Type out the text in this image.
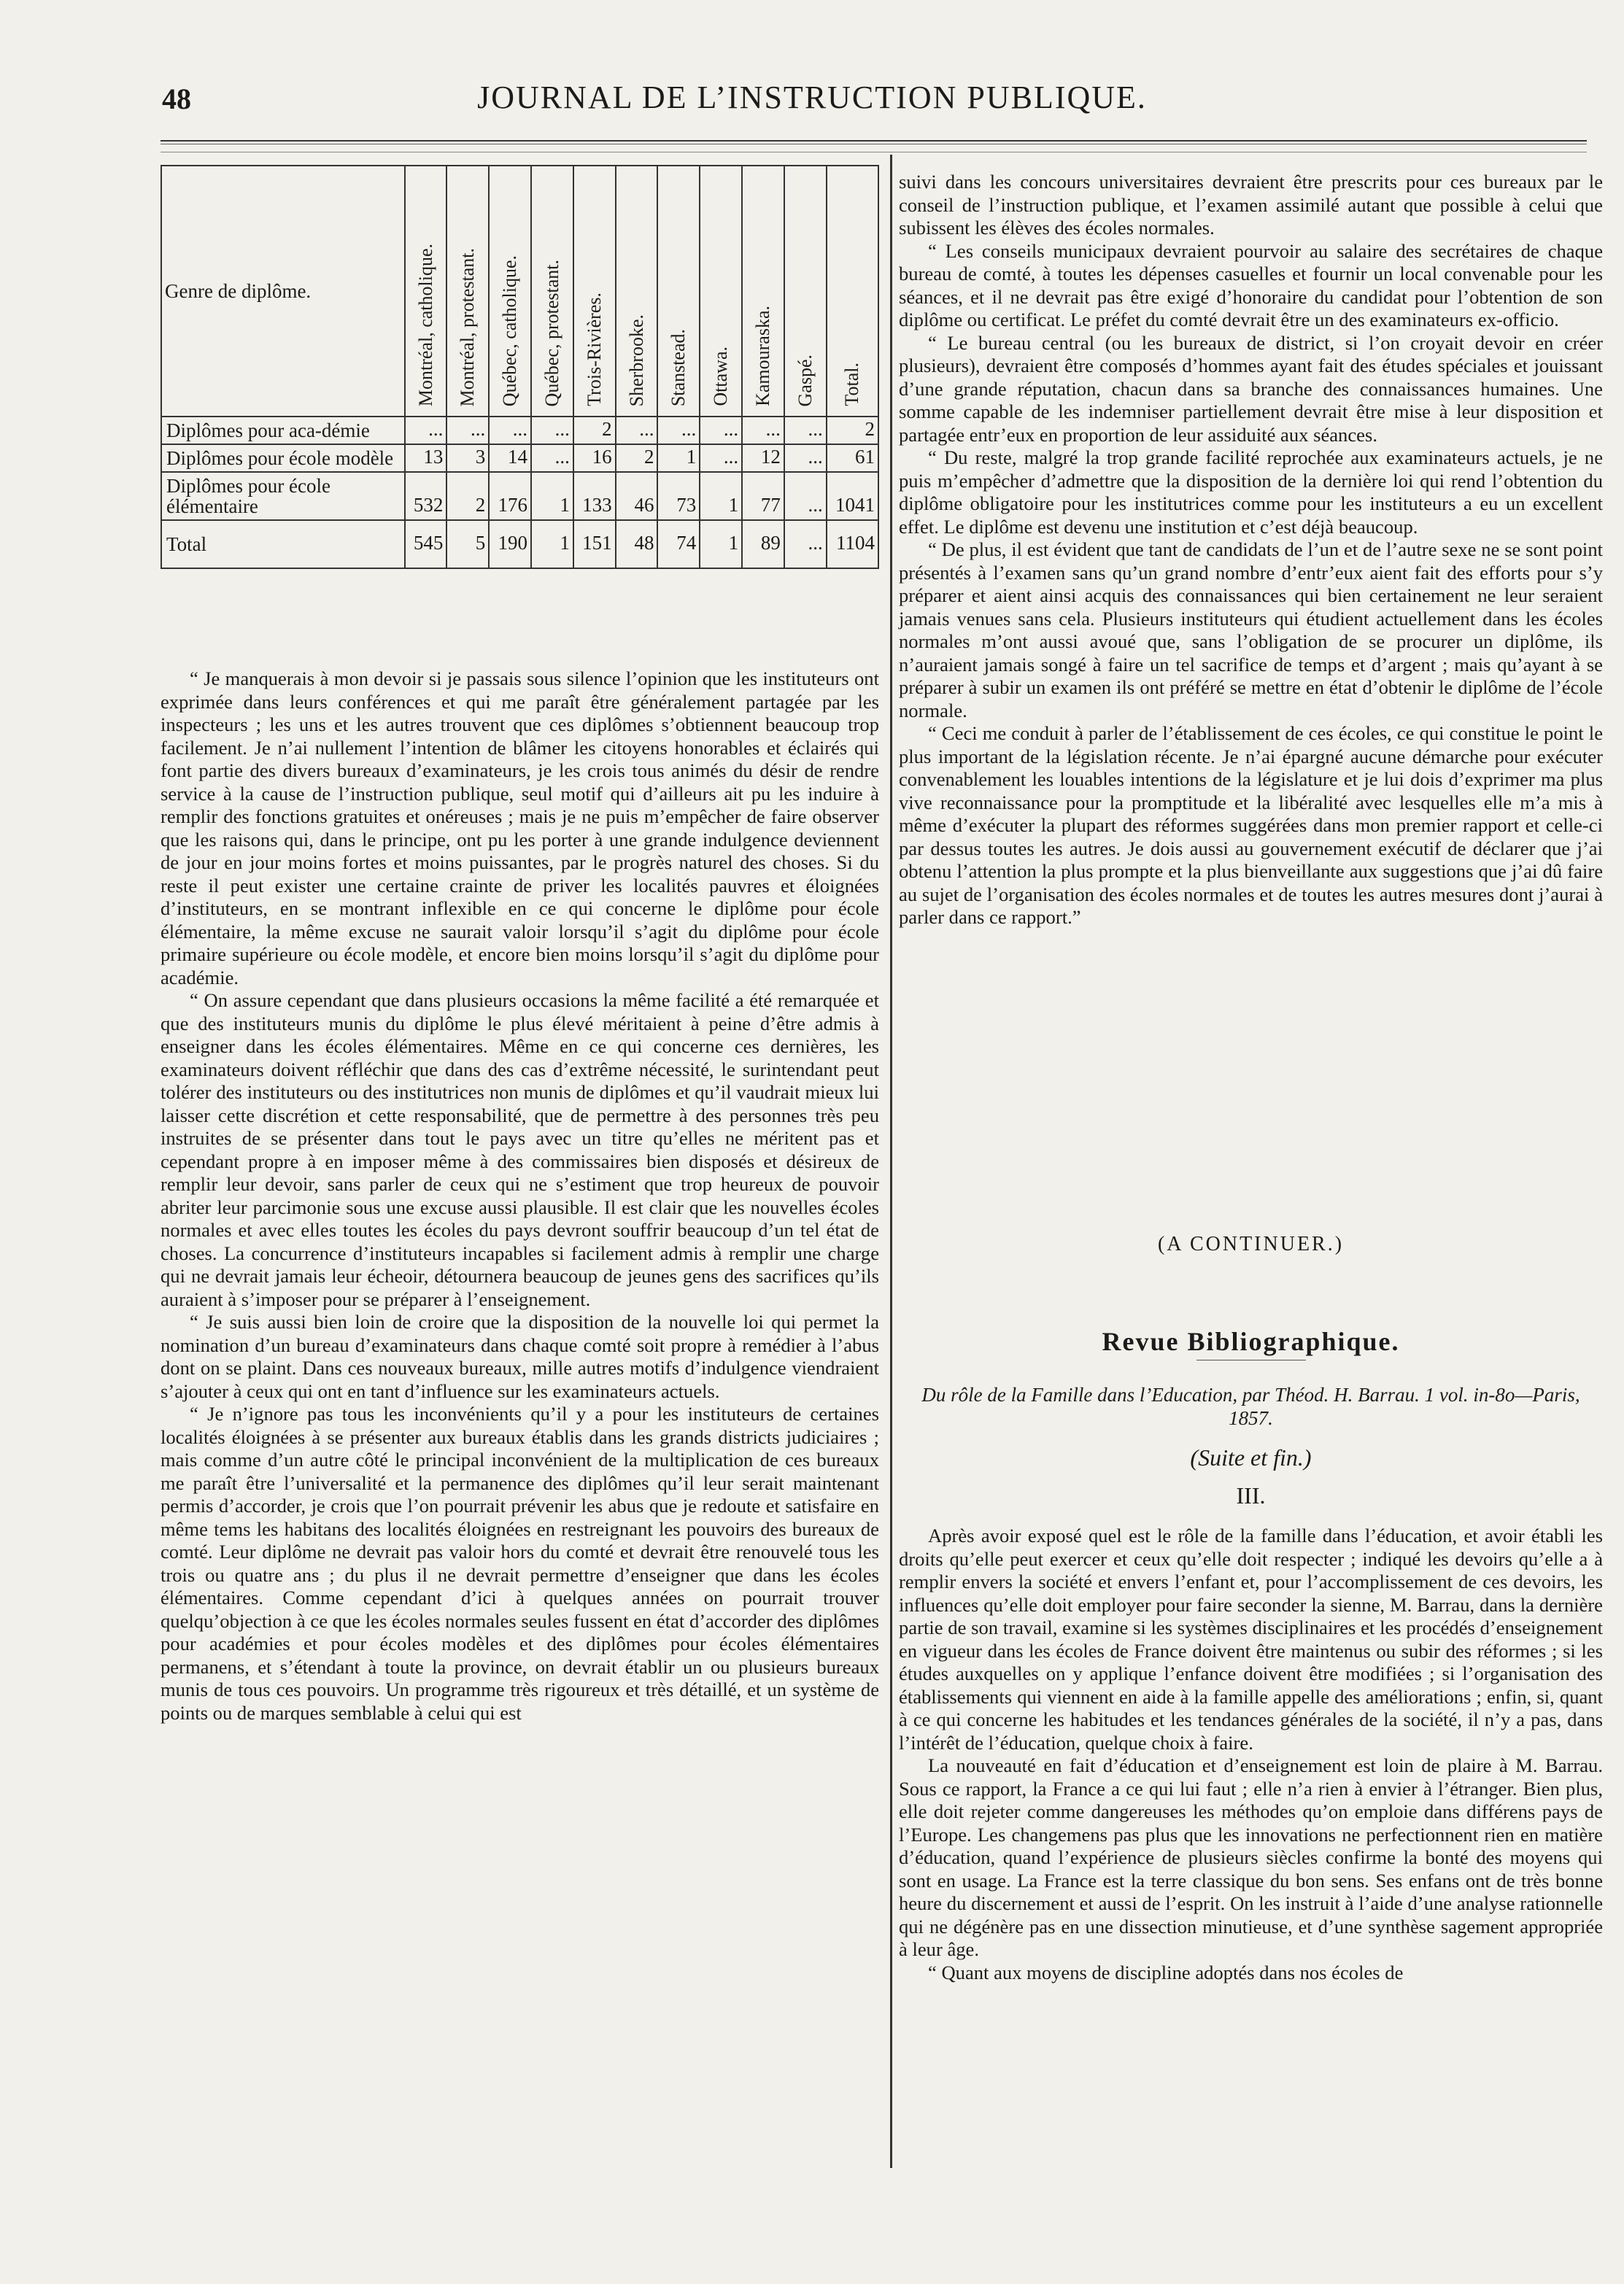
48	JOURNAL DE L’INSTRUCTION PUBLIQUE.
Genre de diplôme.	Montréal, catholique.	Montréal, protestant.	Québec, catholique.	Québec, protestant.	Trois-Rivières.	Sherbrooke.	Stanstead.	Ottawa.	Kamouraska.	Gaspé.	Total.
Diplômes pour aca-démie	...	...	...	...	2	...	...	...	...	...	2
Diplômes pour école modèle	13	3	14	...	16	2	1	...	12	...	61
Diplômes pour école élémentaire	532	2	176	1	133	46	73	1	77	...	1041
Total	545	5	190	1	151	48	74	1	89	...	1104

“ Je manquerais à mon devoir si je passais sous silence l’opinion que les instituteurs ont exprimée dans leurs conférences et qui me paraît être généralement partagée par les inspecteurs ; les uns et les autres trouvent que ces diplômes s’obtiennent beaucoup trop facilement. Je n’ai nullement l’intention de blâmer les citoyens honorables et éclairés qui font partie des divers bureaux d’examinateurs, je les crois tous animés du désir de rendre service à la cause de l’instruction publique, seul motif qui d’ailleurs ait pu les induire à remplir des fonctions gratuites et onéreuses ; mais je ne puis m’empêcher de faire observer que les raisons qui, dans le principe, ont pu les porter à une grande indulgence deviennent de jour en jour moins fortes et moins puissantes, par le progrès naturel des choses. Si du reste il peut exister une certaine crainte de priver les localités pauvres et éloignées d’instituteurs, en se montrant inflexible en ce qui concerne le diplôme pour école élémentaire, la même excuse ne saurait valoir lorsqu’il s’agit du diplôme pour école primaire supérieure ou école modèle, et encore bien moins lorsqu’il s’agit du diplôme pour académie.

“ On assure cependant que dans plusieurs occasions la même facilité a été remarquée et que des instituteurs munis du diplôme le plus élevé méritaient à peine d’être admis à enseigner dans les écoles élémentaires. Même en ce qui concerne ces dernières, les examinateurs doivent réfléchir que dans des cas d’extrême nécessité, le surintendant peut tolérer des instituteurs ou des institutrices non munis de diplômes et qu’il vaudrait mieux lui laisser cette discrétion et cette responsabilité, que de permettre à des personnes très peu instruites de se présenter dans tout le pays avec un titre qu’elles ne méritent pas et cependant propre à en imposer même à des commissaires bien disposés et désireux de remplir leur devoir, sans parler de ceux qui ne s’estiment que trop heureux de pouvoir abriter leur parcimonie sous une excuse aussi plausible. Il est clair que les nouvelles écoles normales et avec elles toutes les écoles du pays devront souffrir beaucoup d’un tel état de choses. La concurrence d’instituteurs incapables si facilement admis à remplir une charge qui ne devrait jamais leur écheoir, détournera beaucoup de jeunes gens des sacrifices qu’ils auraient à s’imposer pour se préparer à l’enseignement.

“ Je suis aussi bien loin de croire que la disposition de la nouvelle loi qui permet la nomination d’un bureau d’examinateurs dans chaque comté soit propre à remédier à l’abus dont on se plaint. Dans ces nouveaux bureaux, mille autres motifs d’indulgence viendraient s’ajouter à ceux qui ont en tant d’influence sur les examinateurs actuels.

“ Je n’ignore pas tous les inconvénients qu’il y a pour les instituteurs de certaines localités éloignées à se présenter aux bureaux établis dans les grands districts judiciaires ; mais comme d’un autre côté le principal inconvénient de la multiplication de ces bureaux me paraît être l’universalité et la permanence des diplômes qu’il leur serait maintenant permis d’accorder, je crois que l’on pourrait prévenir les abus que je redoute et satisfaire en même tems les habitans des localités éloignées en restreignant les pouvoirs des bureaux de comté. Leur diplôme ne devrait pas valoir hors du comté et devrait être renouvelé tous les trois ou quatre ans ; du plus il ne devrait permettre d’enseigner que dans les écoles élémentaires. Comme cependant d’ici à quelques années on pourrait trouver quelqu’objection à ce que les écoles normales seules fussent en état d’accorder des diplômes pour académies et pour écoles modèles et des diplômes pour écoles élémentaires permanens, et s’étendant à toute la province, on devrait établir un ou plusieurs bureaux munis de tous ces pouvoirs. Un programme très rigoureux et très détaillé, et un système de points ou de marques semblable à celui qui est

suivi dans les concours universitaires devraient être prescrits pour ces bureaux par le conseil de l’instruction publique, et l’examen assimilé autant que possible à celui que subissent les élèves des écoles normales.

“ Les conseils municipaux devraient pourvoir au salaire des secrétaires de chaque bureau de comté, à toutes les dépenses casuelles et fournir un local convenable pour les séances, et il ne devrait pas être exigé d’honoraire du candidat pour l’obtention de son diplôme ou certificat. Le préfet du comté devrait être un des examinateurs ex-officio.

“ Le bureau central (ou les bureaux de district, si l’on croyait devoir en créer plusieurs), devraient être composés d’hommes ayant fait des études spéciales et jouissant d’une grande réputation, chacun dans sa branche des connaissances humaines. Une somme capable de les indemniser partiellement devrait être mise à leur disposition et partagée entr’eux en proportion de leur assiduité aux séances.

“ Du reste, malgré la trop grande facilité reprochée aux examinateurs actuels, je ne puis m’empêcher d’admettre que la disposition de la dernière loi qui rend l’obtention du diplôme obligatoire pour les institutrices comme pour les instituteurs a eu un excellent effet. Le diplôme est devenu une institution et c’est déjà beaucoup.

“ De plus, il est évident que tant de candidats de l’un et de l’autre sexe ne se sont point présentés à l’examen sans qu’un grand nombre d’entr’eux aient fait des efforts pour s’y préparer et aient ainsi acquis des connaissances qui bien certainement ne leur seraient jamais venues sans cela. Plusieurs instituteurs qui étudient actuellement dans les écoles normales m’ont aussi avoué que, sans l’obligation de se procurer un diplôme, ils n’auraient jamais songé à faire un tel sacrifice de temps et d’argent ; mais qu’ayant à se préparer à subir un examen ils ont préféré se mettre en état d’obtenir le diplôme de l’école normale.

“ Ceci me conduit à parler de l’établissement de ces écoles, ce qui constitue le point le plus important de la législation récente. Je n’ai épargné aucune démarche pour exécuter convenablement les louables intentions de la législature et je lui dois d’exprimer ma plus vive reconnaissance pour la promptitude et la libéralité avec lesquelles elle m’a mis à même d’exécuter la plupart des réformes suggérées dans mon premier rapport et celle-ci par dessus toutes les autres. Je dois aussi au gouvernement exécutif de déclarer que j’ai obtenu l’attention la plus prompte et la plus bienveillante aux suggestions que j’ai dû faire au sujet de l’organisation des écoles normales et de toutes les autres mesures dont j’aurai à parler dans ce rapport.”

(A CONTINUER.)
Revue Bibliographique.
Du rôle de la Famille dans l’Education, par Théod. H. Barrau. 1 vol. in-8o—Paris, 1857.
(Suite et fin.)
III.

Après avoir exposé quel est le rôle de la famille dans l’éducation, et avoir établi les droits qu’elle peut exercer et ceux qu’elle doit respecter ; indiqué les devoirs qu’elle a à remplir envers la société et envers l’enfant et, pour l’accomplissement de ces devoirs, les influences qu’elle doit employer pour faire seconder la sienne, M. Barrau, dans la dernière partie de son travail, examine si les systèmes disciplinaires et les procédés d’enseignement en vigueur dans les écoles de France doivent être maintenus ou subir des réformes ; si les études auxquelles on y applique l’enfance doivent être modifiées ; si l’organisation des établissements qui viennent en aide à la famille appelle des améliorations ; enfin, si, quant à ce qui concerne les habitudes et les tendances générales de la société, il n’y a pas, dans l’intérêt de l’éducation, quelque choix à faire.

La nouveauté en fait d’éducation et d’enseignement est loin de plaire à M. Barrau. Sous ce rapport, la France a ce qui lui faut ; elle n’a rien à envier à l’étranger. Bien plus, elle doit rejeter comme dangereuses les méthodes qu’on emploie dans différens pays de l’Europe. Les changemens pas plus que les innovations ne perfectionnent rien en matière d’éducation, quand l’expérience de plusieurs siècles confirme la bonté des moyens qui sont en usage. La France est la terre classique du bon sens. Ses enfans ont de très bonne heure du discernement et aussi de l’esprit. On les instruit à l’aide d’une analyse rationnelle qui ne dégénère pas en une dissection minutieuse, et d’une synthèse sagement appropriée à leur âge.

“ Quant aux moyens de discipline adoptés dans nos écoles de
